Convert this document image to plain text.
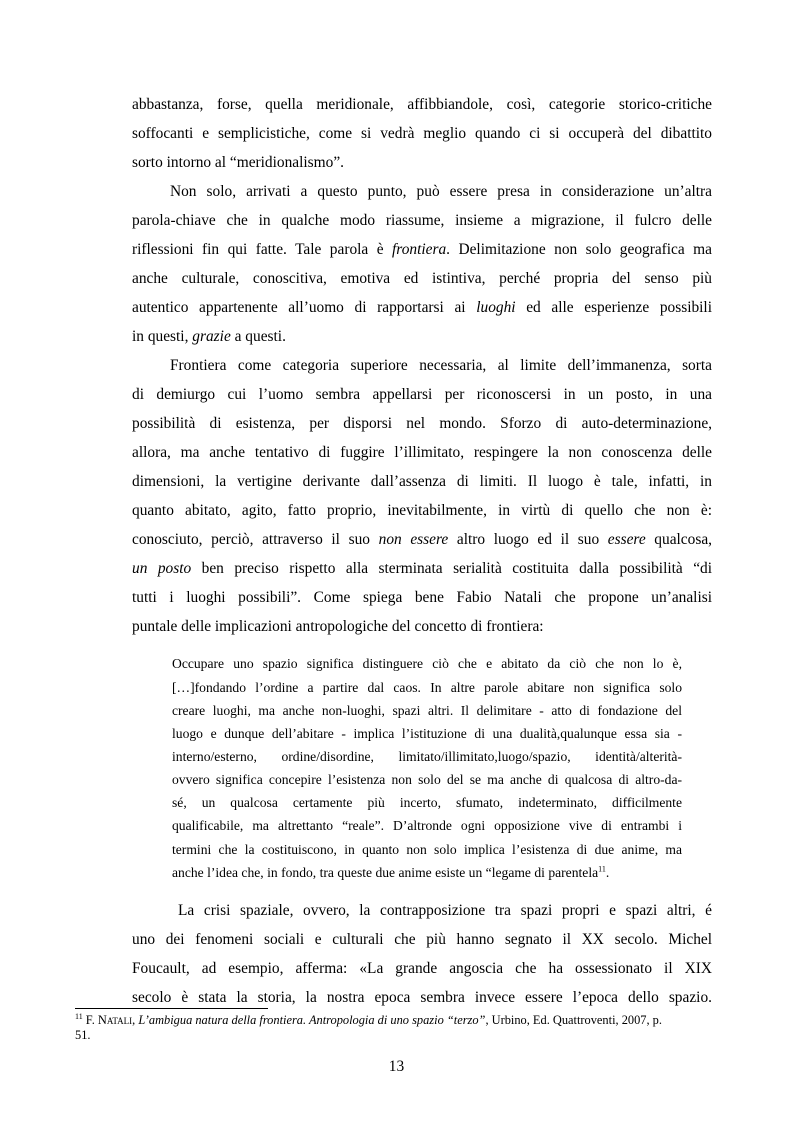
abbastanza, forse, quella meridionale, affibbiandole, così, categorie storico-critiche

soffocanti e semplicistiche, come si vedrà meglio quando ci si occuperà del dibattito

sorto intorno al “meridionalismo”.

Non solo, arrivati a questo punto, può essere presa in considerazione un’altra

parola-chiave che in qualche modo riassume, insieme a migrazione, il fulcro delle

riflessioni fin qui fatte. Tale parola è frontiera. Delimitazione non solo geografica ma

anche culturale, conoscitiva, emotiva ed istintiva, perché propria del senso più

autentico appartenente all’uomo di rapportarsi ai luoghi ed alle esperienze possibili

in questi, grazie a questi.

Frontiera come categoria superiore necessaria, al limite dell’immanenza, sorta

di demiurgo cui l’uomo sembra appellarsi per riconoscersi in un posto, in una

possibilità di esistenza, per disporsi nel mondo. Sforzo di auto-determinazione,

allora, ma anche tentativo di fuggire l’illimitato, respingere la non conoscenza delle

dimensioni, la vertigine derivante dall’assenza di limiti. Il luogo è tale, infatti, in

quanto abitato, agito, fatto proprio, inevitabilmente, in virtù di quello che non è:

conosciuto, perciò, attraverso il suo non essere altro luogo ed il suo essere qualcosa,

un posto ben preciso rispetto alla sterminata serialità costituita dalla possibilità “di

tutti i luoghi possibili”. Come spiega bene Fabio Natali che propone un’analisi

puntale delle implicazioni antropologiche del concetto di frontiera:

Occupare uno spazio significa distinguere ciò che e abitato da ciò che non lo è,

[…]fondando l’ordine a partire dal caos. In altre parole abitare non significa solo

creare luoghi, ma anche non-luoghi, spazi altri. Il delimitare - atto di fondazione del

luogo e dunque dell’abitare - implica l’istituzione di una dualità,qualunque essa sia -

interno/esterno, ordine/disordine, limitato/illimitato,luogo/spazio, identità/alterità-

ovvero significa concepire l’esistenza non solo del se ma anche di qualcosa di altro-da-

sé, un qualcosa certamente più incerto, sfumato, indeterminato, difficilmente

qualificabile, ma altrettanto “reale”. D’altronde ogni opposizione vive di entrambi i

termini che la costituiscono, in quanto non solo implica l’esistenza di due anime, ma

anche l’idea che, in fondo, tra queste due anime esiste un “legame di parentela$^{11}$.

La crisi spaziale, ovvero, la contrapposizione tra spazi propri e spazi altri, é

uno dei fenomeni sociali e culturali che più hanno segnato il XX secolo. Michel

Foucault, ad esempio, afferma: «La grande angoscia che ha ossessionato il XIX

secolo è stata la storia, la nostra epoca sembra invece essere l’epoca dello spazio.

$^{11}$ F. Natali, L’ambigua natura della frontiera. Antropologia di uno spazio “terzo”, Urbino, Ed. Quattroventi, 2007, p.

51.

13
